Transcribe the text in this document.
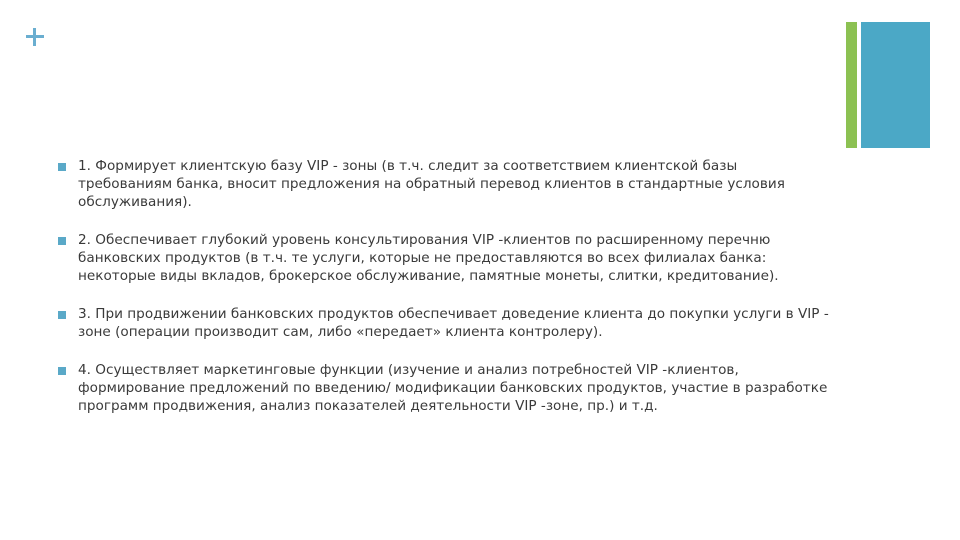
1. Формирует клиентскую базу VIP - зоны (в т.ч. следит за соответствием клиентской базы
требованиям банка, вносит предложения на обратный перевод клиентов в стандартные условия
обслуживания).
2. Обеспечивает глубокий уровень консультирования VIP -клиентов по расширенному перечню
банковских продуктов (в т.ч. те услуги, которые не предоставляются во всех филиалах банка:
некоторые виды вкладов, брокерское обслуживание, памятные монеты, слитки, кредитование).
3. При продвижении банковских продуктов обеспечивает доведение клиента до покупки услуги в VIP -
зоне (операции производит сам, либо «передает» клиента контролеру).
4. Осуществляет маркетинговые функции (изучение и анализ потребностей VIP -клиентов,
формирование предложений по введению/ модификации банковских продуктов, участие в разработке
программ продвижения, анализ показателей деятельности VIP -зоне, пр.) и т.д.
